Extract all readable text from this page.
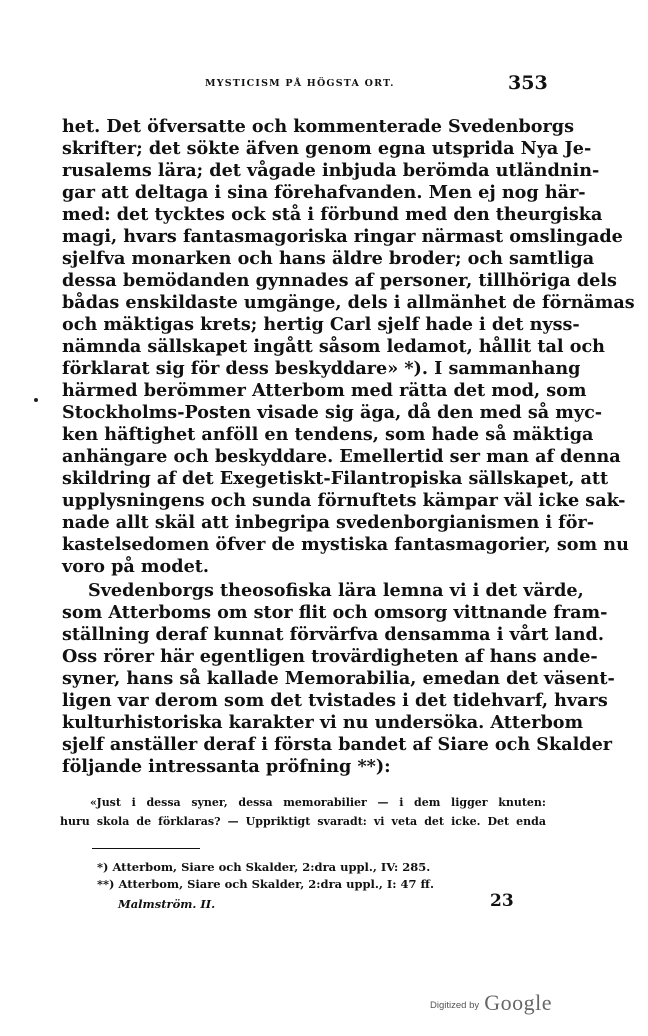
MYSTICISM PÅ HÖGSTA ORT.	353
het. Det öfversatte och kommenterade Svedenborgs
skrifter; det sökte äfven genom egna utsprida Nya Je-
rusalems lära; det vågade inbjuda berömda utländnin-
gar att deltaga i sina förehafvanden. Men ej nog här-
med: det tycktes ock stå i förbund med den theurgiska
magi, hvars fantasmagoriska ringar närmast omslingade
sjelfva monarken och hans äldre broder; och samtliga
dessa bemödanden gynnades af personer, tillhöriga dels
bådas enskildaste umgänge, dels i allmänhet de förnämas
och mäktigas krets; hertig Carl sjelf hade i det nyss-
nämnda sällskapet ingått såsom ledamot, hållit tal och
förklarat sig för dess beskyddare» *). I sammanhang
härmed berömmer Atterbom med rätta det mod, som
Stockholms-Posten visade sig äga, då den med så myc-
ken häftighet anföll en tendens, som hade så mäktiga
anhängare och beskyddare. Emellertid ser man af denna
skildring af det Exegetiskt-Filantropiska sällskapet, att
upplysningens och sunda förnuftets kämpar väl icke sak-
nade allt skäl att inbegripa svedenborgianismen i för-
kastelsedomen öfver de mystiska fantasmagorier, som nu
voro på modet.
Svedenborgs theosofiska lära lemna vi i det värde,
som Atterboms om stor flit och omsorg vittnande fram-
ställning deraf kunnat förvärfva densamma i vårt land.
Oss rörer här egentligen trovärdigheten af hans ande-
syner, hans så kallade Memorabilia, emedan det väsent-
ligen var derom som det tvistades i det tidehvarf, hvars
kulturhistoriska karakter vi nu undersöka. Atterbom
sjelf anställer deraf i första bandet af Siare och Skalder
följande intressanta pröfning **):
«Just i dessa syner, dessa memorabilier — i dem ligger knuten:
huru skola de förklaras? — Uppriktigt svaradt: vi veta det icke. Det enda
*) Atterbom, Siare och Skalder, 2:dra uppl., IV: 285.
**) Atterbom, Siare och Skalder, 2:dra uppl., I: 47 ff.
Malmström. II.	23
Digitized by Google
